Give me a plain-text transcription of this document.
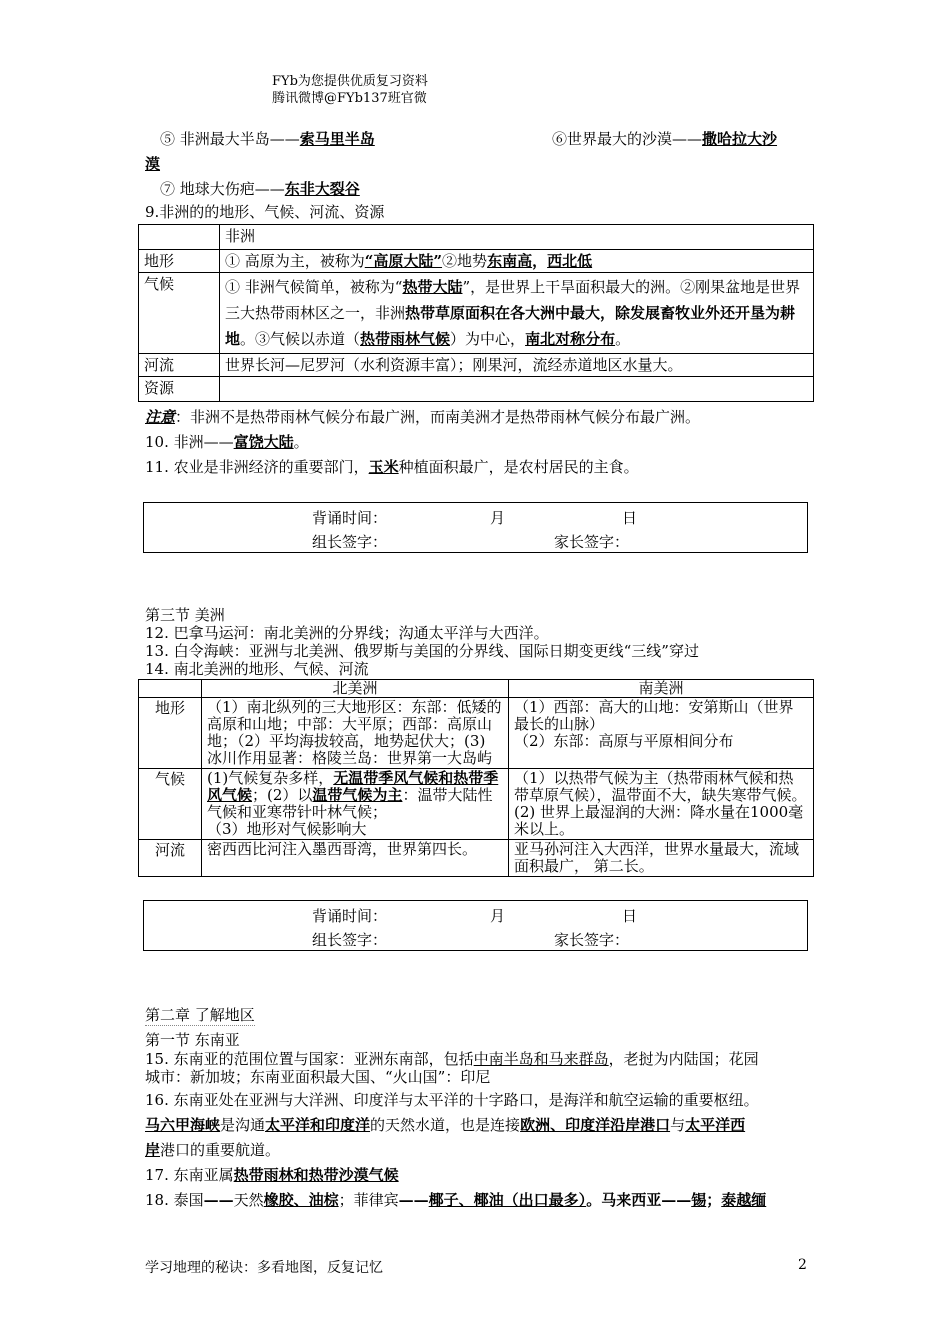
FYb为您提供优质复习资料
腾讯微博@FYb137班官微
⑤ 非洲最大半岛——索马里半岛	⑥世界最大的沙漠——撒哈拉大沙
漠
⑦ 地球大伤疤——东非大裂谷
9.非洲的的地形、气候、河流、资源
	非洲
地形	① 高原为主，被称为“高原大陆”②地势东南高，西北低
气候	① 非洲气候简单，被称为“热带大陆”，是世界上干旱面积最大的洲。②刚果盆地是世界三大热带雨林区之一，非洲热带草原面积在各大洲中最大，除发展畜牧业外还开垦为耕地。③气候以赤道（热带雨林气候）为中心，南北对称分布。
河流	世界长河—尼罗河（水利资源丰富）；刚果河，流经赤道地区水量大。
资源	
注意：非洲不是热带雨林气候分布最广洲，而南美洲才是热带雨林气候分布最广洲。
10. 非洲——富饶大陆。
11. 农业是非洲经济的重要部门，玉米种植面积最广，是农村居民的主食。
背诵时间：	月	日
组长签字：	家长签字：
第三节 美洲
12. 巴拿马运河：南北美洲的分界线；沟通太平洋与大西洋。
13. 白令海峡：亚洲与北美洲、俄罗斯与美国的分界线、国际日期变更线“三线”穿过
14. 南北美洲的地形、气候、河流
	北美洲	南美洲
地形	（1）南北纵列的三大地形区：东部：低矮的高原和山地；中部：大平原；西部：高原山地；（2）平均海拔较高，地势起伏大；(3) 冰川作用显著：格陵兰岛：世界第一大岛屿	（1）西部：高大的山地：安第斯山（世界最长的山脉）
（2）东部：高原与平原相间分布

气候	(1)气候复杂多样，无温带季风气候和热带季风气候；(2）以温带气候为主：温带大陆性气候和亚寒带针叶林气候；
（3）地形对气候影响大	（1）以热带气候为主（热带雨林气候和热带草原气候），温带面不大，缺失寒带气候。(2) 世界上最湿润的大洲：降水量在1000毫米以上。
河流	密西西比河注入墨西哥湾，世界第四长。	亚马孙河注入大西洋，世界水量最大，流域面积最广， 第二长。
背诵时间：	月	日
组长签字：	家长签字：
第二章 了解地区
第一节 东南亚
15. 东南亚的范围位置与国家：亚洲东南部，包括中南半岛和马来群岛，老挝为内陆国；花园
城市：新加坡；东南亚面积最大国、“火山国”：印尼
16. 东南亚处在亚洲与大洋洲、印度洋与太平洋的十字路口，是海洋和航空运输的重要枢纽。
马六甲海峡是沟通太平洋和印度洋的天然水道，也是连接欧洲、印度洋沿岸港口与太平洋西
岸港口的重要航道。
17. 东南亚属热带雨林和热带沙漠气候
18. 泰国——天然橡胶、油棕；菲律宾——椰子、椰油（出口最多）。马来西亚——锡；泰越缅
学习地理的秘诀：多看地图，反复记忆	2
